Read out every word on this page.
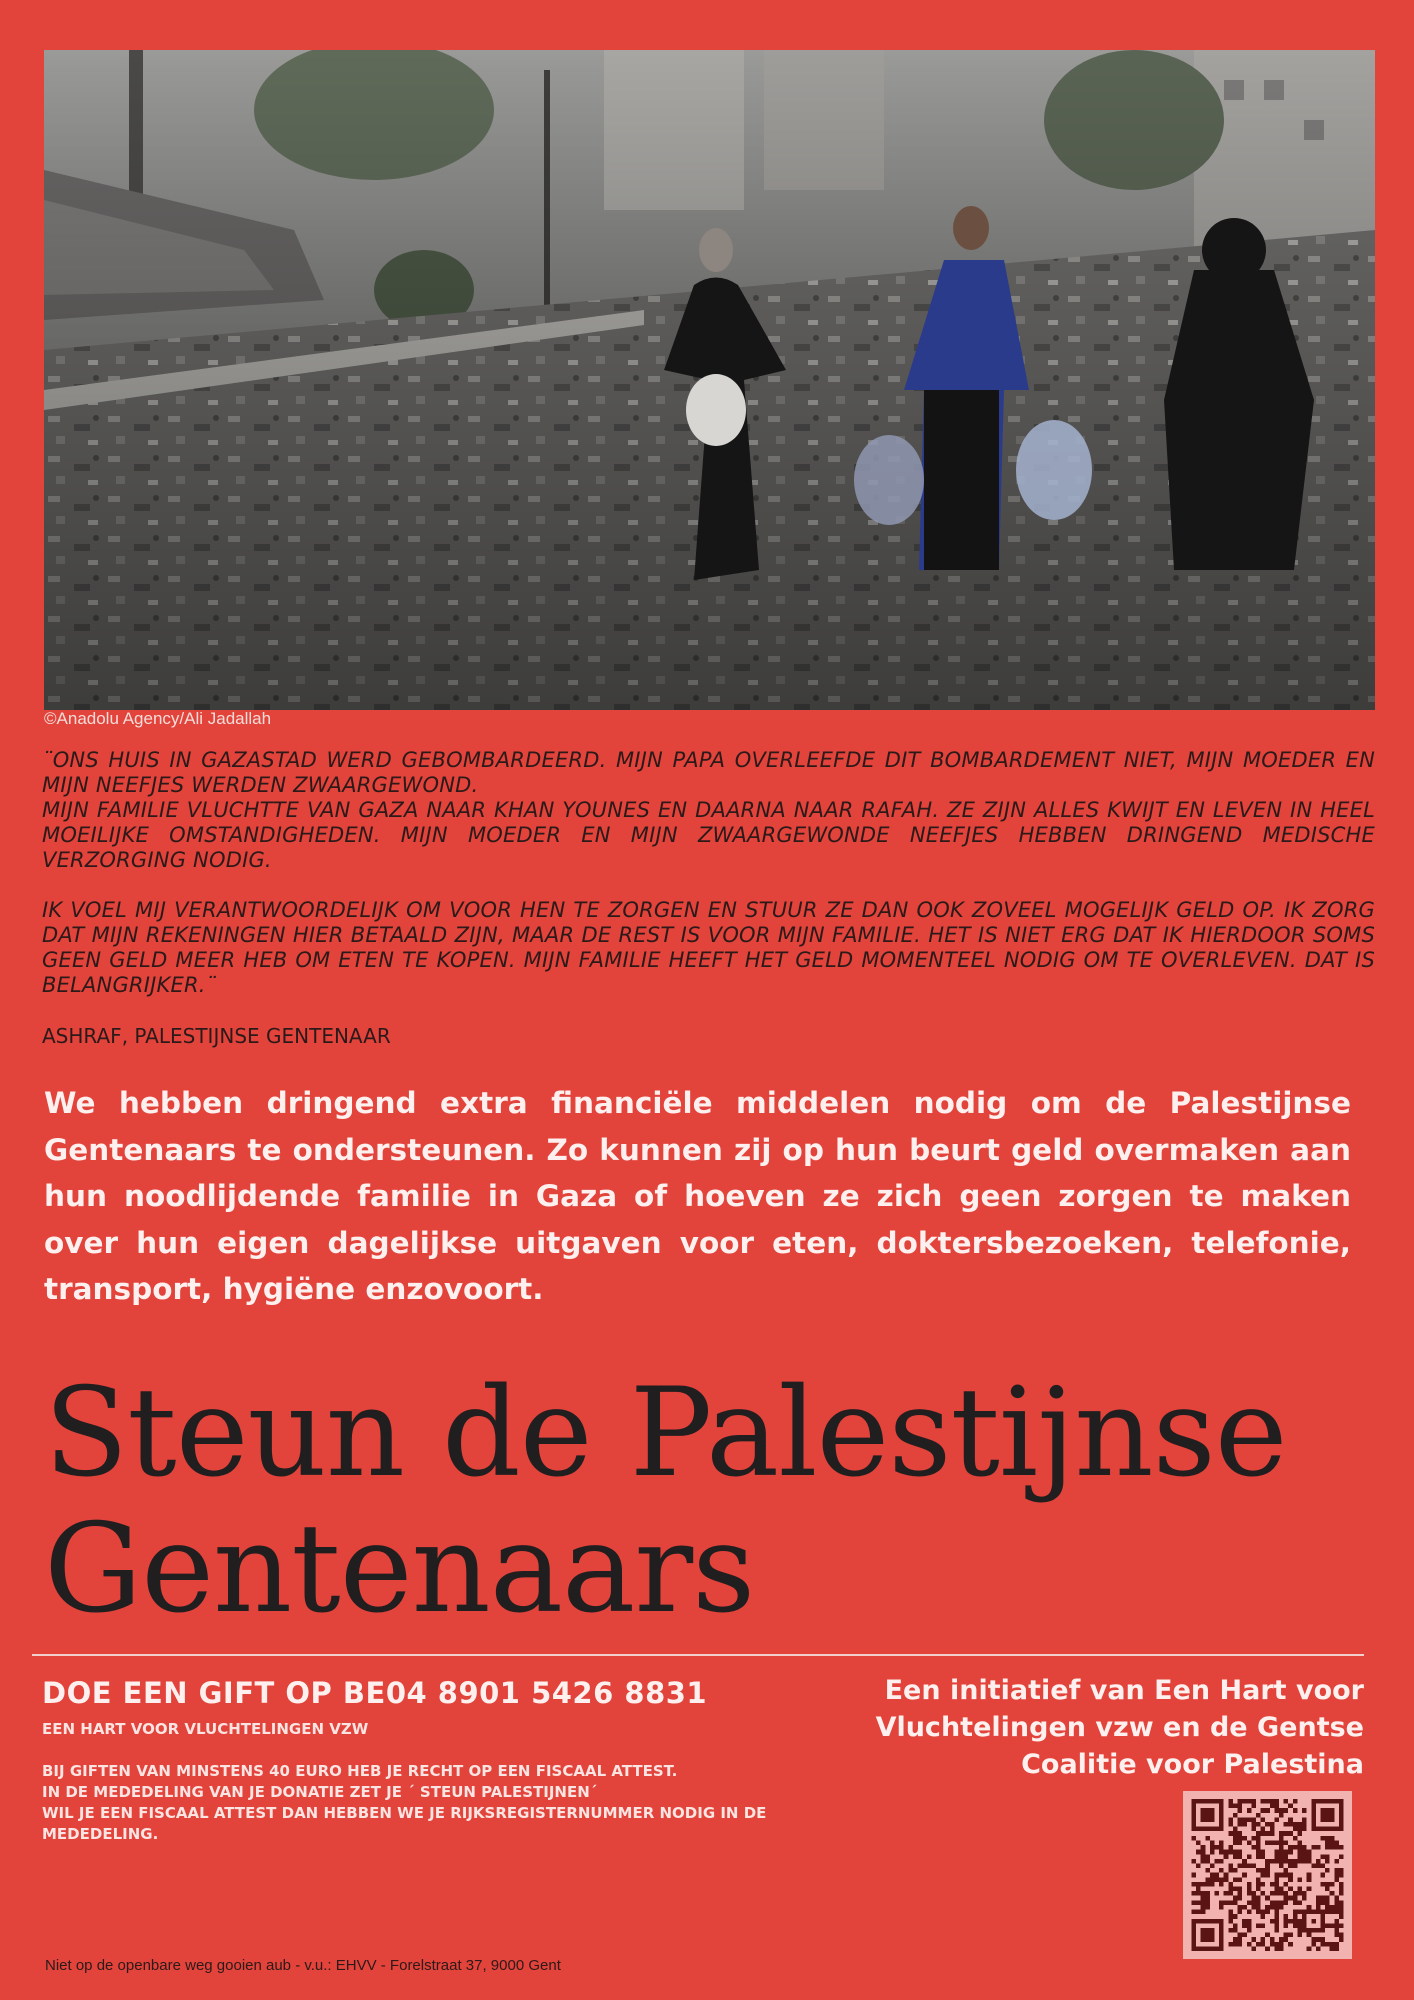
©Anadolu Agency/Ali Jadallah

¨ONS HUIS IN GAZASTAD WERD GEBOMBARDEERD. MIJN PAPA OVERLEEFDE DIT BOMBARDEMENT NIET, MIJN MOEDER EN MIJN NEEFJES WERDEN ZWAARGEWOND.

MIJN FAMILIE VLUCHTTE VAN GAZA NAAR KHAN YOUNES EN DAARNA NAAR RAFAH. ZE ZIJN ALLES KWIJT EN LEVEN IN HEEL MOEILIJKE OMSTANDIGHEDEN. MIJN MOEDER EN MIJN ZWAARGEWONDE NEEFJES HEBBEN DRINGEND MEDISCHE VERZORGING NODIG.

IK VOEL MIJ VERANTWOORDELIJK OM VOOR HEN TE ZORGEN EN STUUR ZE DAN OOK ZOVEEL MOGELIJK GELD OP. IK ZORG DAT MIJN REKENINGEN HIER BETAALD ZIJN, MAAR DE REST IS VOOR MIJN FAMILIE. HET IS NIET ERG DAT IK HIERDOOR SOMS GEEN GELD MEER HEB OM ETEN TE KOPEN. MIJN FAMILIE HEEFT HET GELD MOMENTEEL NODIG OM TE OVERLEVEN. DAT IS BELANGRIJKER.¨

ASHRAF, PALESTIJNSE GENTENAAR
We hebben dringend extra financiële middelen nodig om de Palestijnse Gentenaars te ondersteunen. Zo kunnen zij op hun beurt geld overmaken aan hun noodlijdende familie in Gaza of hoeven ze zich geen zorgen te maken over hun eigen dagelijkse uitgaven voor eten, doktersbezoeken, telefonie, transport, hygiëne enzovoort.
Steun de Palestijnse
Gentenaars
DOE EEN GIFT OP BE04 8901 5426 8831
EEN HART VOOR VLUCHTELINGEN VZW

BIJ GIFTEN VAN MINSTENS 40 EURO HEB JE RECHT OP EEN FISCAAL ATTEST.

IN DE MEDEDELING VAN JE DONATIE ZET JE ´ STEUN PALESTIJNEN´

WIL JE EEN FISCAAL ATTEST DAN HEBBEN WE JE RIJKSREGISTERNUMMER NODIG IN DE MEDEDELING.

Een initiatief van Een Hart voor
Vluchtelingen vzw en de Gentse
Coalitie voor Palestina
Niet op de openbare weg gooien aub - v.u.: EHVV - Forelstraat 37, 9000 Gent
